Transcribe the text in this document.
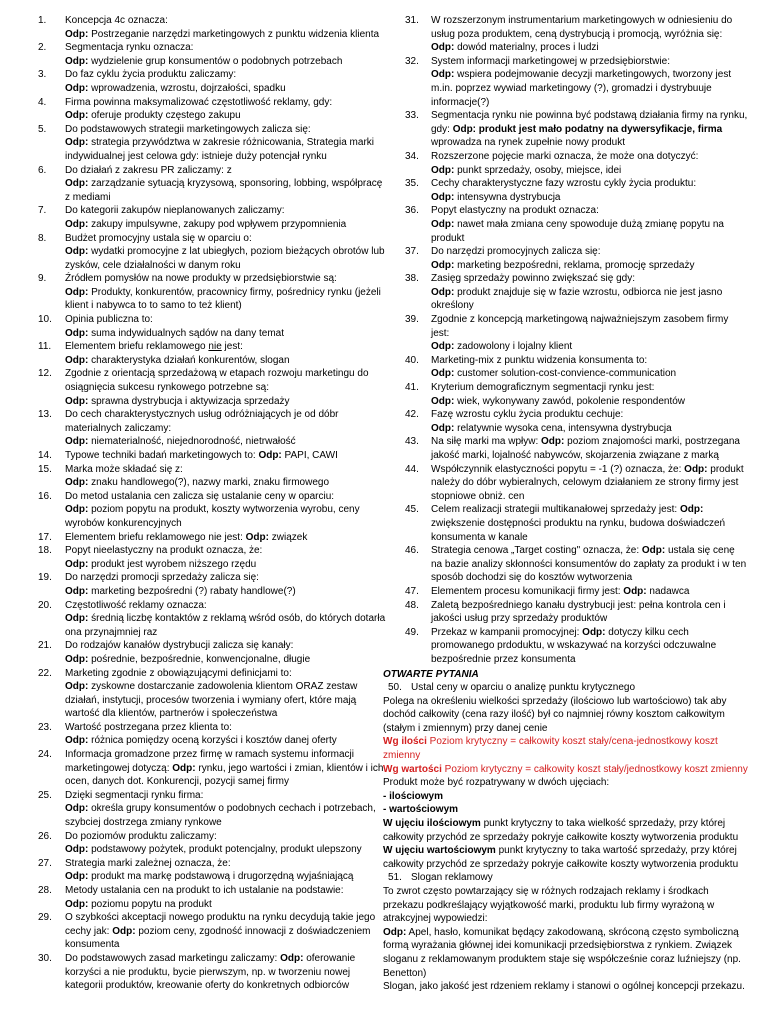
1. Koncepcja 4c oznacza:
Odp: Postrzeganie narzędzi marketingowych z punktu widzenia klienta
2. Segmentacja rynku oznacza:
Odp: wydzielenie grup konsumentów o podobnych potrzebach
3. Do faz cyklu życia produktu zaliczamy:
Odp: wprowadzenia, wzrostu, dojrzałości, spadku
4. Firma powinna maksymalizować częstotliwość reklamy, gdy:
Odp: oferuje produkty częstego zakupu
5. Do podstawowych strategii marketingowych zalicza się:
Odp: strategia przywództwa w zakresie różnicowania, Strategia marki indywidualnej jest celowa gdy: istnieje duży potencjał rynku
6. Do działań z zakresu PR zaliczamy: z
Odp: zarządzanie sytuacją kryzysową, sponsoring, lobbing, współpracę z mediami
7. Do kategorii zakupów nieplanowanych zaliczamy:
Odp: zakupy impulsywne, zakupy pod wpływem przypomnienia
8. Budżet promocyjny ustala się w oparciu o:
Odp: wydatki promocyjne z lat ubiegłych, poziom bieżących obrotów lub zysków, cele działalności w danym roku
9. Źródłem pomysłów na nowe produkty w przedsiębiorstwie są:
Odp: Produkty, konkurentów, pracownicy firmy, pośrednicy rynku (jeżeli klient i nabywca to to samo to też klient)
10. Opinia publiczna to:
Odp: suma indywidualnych sądów na dany temat
11. Elementem briefu reklamowego nie jest:
Odp: charakterystyka działań konkurentów, slogan
12. Zgodnie z orientacją sprzedażową w etapach rozwoju marketingu do osiągnięcia sukcesu rynkowego potrzebne są:
Odp: sprawna dystrybucja i aktywizacja sprzedaży
13. Do cech charakterystycznych usług odróżniających je od dóbr materialnych zaliczamy:
Odp: niematerialność, niejednorodność, nietrwałość
14. Typowe techniki badań marketingowych to: Odp: PAPI, CAWI
15. Marka może składać się z:
Odp: znaku handlowego(?), nazwy marki, znaku firmowego
16. Do metod ustalania cen zalicza się ustalanie ceny w oparciu:
Odp: poziom popytu na produkt, koszty wytworzenia wyrobu, ceny wyrobów konkurencyjnych
17. Elementem briefu reklamowego nie jest: Odp: związek
18. Popyt nieelastyczny na produkt oznacza, że:
Odp: produkt jest wyrobem niższego rzędu
19. Do narzędzi promocji sprzedaży zalicza się:
Odp: marketing bezpośredni (?) rabaty handlowe(?)
20. Częstotliwość reklamy oznacza:
Odp: średnią liczbę kontaktów z reklamą wśród osób, do których dotarła ona przynajmniej raz
21. Do rodzajów kanałów dystrybucji zalicza się kanały:
Odp: pośrednie, bezpośrednie, konwencjonalne, długie
22. Marketing zgodnie z obowiązującymi definicjami to:
Odp: zyskowne dostarczanie zadowolenia klientom ORAZ zestaw działań, instytucji, procesów tworzenia i wymiany ofert, które mają wartość dla klientów, partnerów i społeczeństwa
23. Wartość postrzegana przez klienta to:
Odp: różnica pomiędzy oceną korzyści i kosztów danej oferty
24. Informacja gromadzone przez firmę w ramach systemu informacji marketingowej dotyczą: Odp: rynku, jego wartości i zmian, klientów i ich ocen, danych dot. Konkurencji, pozycji samej firmy
25. Dzięki segmentacji rynku firma:
Odp: określa grupy konsumentów o podobnych cechach i potrzebach, szybciej dostrzega zmiany rynkowe
26. Do poziomów produktu zaliczamy:
Odp: podstawowy pożytek, produkt potencjalny, produkt ulepszony
27. Strategia marki zależnej oznacza, że:
Odp: produkt ma markę podstawową i drugorzędną wyjaśniającą
28. Metody ustalania cen na produkt to ich ustalanie na podstawie:
Odp: poziomu popytu na produkt
29. O szybkości akceptacji nowego produktu na rynku decydują takie jego cechy jak: Odp: poziom ceny, zgodność innowacji z doświadczeniem konsumenta
30. Do podstawowych zasad marketingu zaliczamy: Odp: oferowanie korzyści a nie produktu, bycie pierwszym, np. w tworzeniu nowej kategorii produktów, kreowanie oferty do konkretnych odbiorców
31. W rozszerzonym instrumentarium marketingowych w odniesieniu do usług poza produktem, ceną dystrybucją i promocją, wyróżnia się:
Odp: dowód materialny, proces i ludzi
32. System informacji marketingowej w przedsiębiorstwie:
Odp: wspiera podejmowanie decyzji marketingowych, tworzony jest m.in. poprzez wywiad marketingowy (?), gromadzi i dystrybuuje informacje(?)
33. Segmentacja rynku nie powinna być podstawą działania firmy na rynku, gdy: Odp: produkt jest mało podatny na dywersyfikacje, firma wprowadza na rynek zupełnie nowy produkt
34. Rozszerzone pojęcie marki oznacza, że może ona dotyczyć:
Odp: punkt sprzedaży, osoby, miejsce, idei
35. Cechy charakterystyczne fazy wzrostu cykly życia produktu:
Odp: intensywna dystrybucja
36. Popyt elastyczny na produkt oznacza:
Odp: nawet mała zmiana ceny spowoduje dużą zmianę popytu na produkt
37. Do narzędzi promocyjnych zalicza się:
Odp: marketing bezpośredni, reklama, promocję sprzedaży
38. Zasięg sprzedaży powinno zwiększać się gdy:
Odp: produkt znajduje się w fazie wzrostu, odbiorca nie jest jasno określony
39. Zgodnie z koncepcją marketingową najważniejszym zasobem firmy jest:
Odp: zadowolony i lojalny klient
40. Marketing-mix z punktu widzenia konsumenta to:
Odp: customer solution-cost-convience-communication
41. Kryterium demograficznym segmentacji rynku jest:
Odp: wiek, wykonywany zawód, pokolenie respondentów
42. Fazę wzrostu cyklu życia produktu cechuje:
Odp: relatywnie wysoka cena, intensywna dystrybucja
43. Na siłę marki ma wpływ: Odp: poziom znajomości marki, postrzegana jakość marki, lojalność nabywców, skojarzenia związane z marką
44. Współczynnik elastyczności popytu = -1 (?) oznacza, że: Odp: produkt należy do dóbr wybieralnych, celowym działaniem ze strony firmy jest stopniowe obniż. cen
45. Celem realizacji strategii multikanałowej sprzedaży jest: Odp: zwiększenie dostępności produktu na rynku, budowa doświadczeń konsumenta w kanale
46. Strategia cenowa „Target costing" oznacza, że: Odp: ustala się cenę na bazie analizy skłonności konsumentów do zapłaty za produkt i w ten sposób dochodzi się do kosztów wytworzenia
47. Elementem procesu komunikacji firmy jest: Odp: nadawca
48. Zaletą bezpośredniego kanału dystrybucji jest: pełna kontrola cen i jakości usług przy sprzedaży produktów
49. Przekaz w kampanii promocyjnej: Odp: dotyczy kilku cech promowanego prdoduktu, w wskazywać na korzyści odczuwalne bezpośrednie przez konsumenta
OTWARTE PYTANIA
50. Ustal ceny w oparciu o analizę punktu krytycznego
Polega na określeniu wielkości sprzedaży (ilościowo lub wartościowo) tak aby dochód całkowity (cena razy ilość) był co najmniej równy kosztom całkowitym (stałym i zmiennym) przy danej cenie
Wg ilości Poziom krytyczny = całkowity koszt stały/cena-jednostkowy koszt zmienny
Wg wartości Poziom krytyczny = całkowity koszt stały/jednostkowy koszt zmienny
Produkt może być rozpatrywany w dwóch ujęciach:
- ilościowym
- wartościowym
W ujęciu ilościowym punkt krytyczny to taka wielkość sprzedaży, przy której całkowity przychód ze sprzedaży pokryje całkowite koszty wytworzenia produktu
W ujęciu wartościowym punkt krytyczny to taka wartość sprzedaży, przy której całkowity przychód ze sprzedaży pokryje całkowite koszty wytworzenia produktu
51. Slogan reklamowy
To zwrot często powtarzający się w różnych rodzajach reklamy i środkach przekazu podkreślający wyjątkowość marki, produktu lub firmy wyrażoną w atrakcyjnej wypowiedzi:
Odp: Apel, hasło, komunikat będący zakodowaną, skróconą często symboliczną formą wyrażania głównej idei komunikacji przedsiębiorstwa z rynkiem. Związek sloganu z reklamowanym produktem staje się współcześnie coraz luźniejszy (np. Benetton)
Slogan, jako jakość jest rdzeniem reklamy i stanowi o ogólnej koncepcji przekazu.
